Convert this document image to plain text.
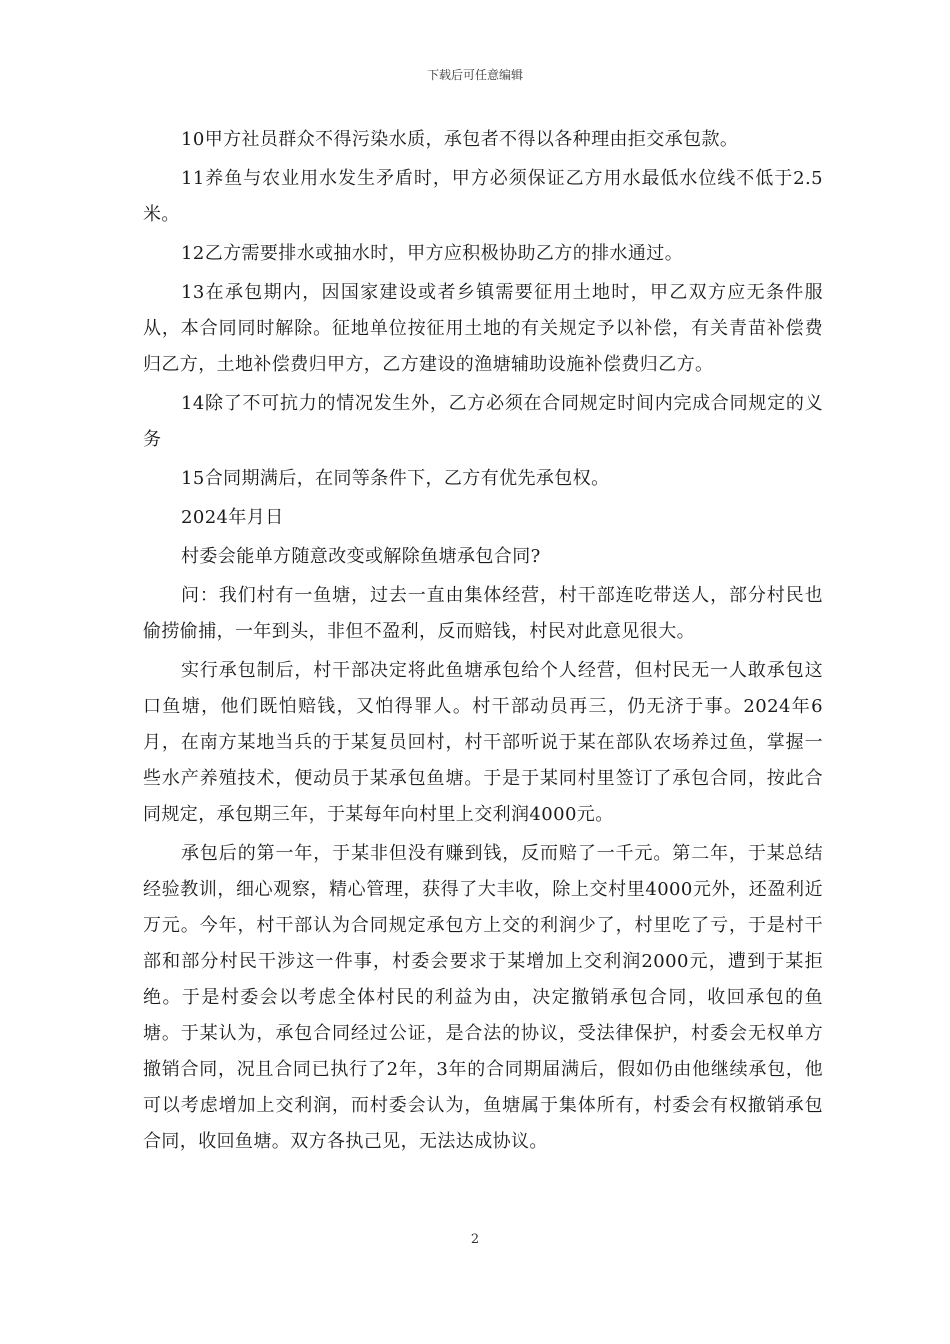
下载后可任意编辑

10甲方社员群众不得污染水质，承包者不得以各种理由拒交承包款。

11养鱼与农业用水发生矛盾时，甲方必须保证乙方用水最低水位线不低于2.5米。

12乙方需要排水或抽水时，甲方应积极协助乙方的排水通过。

13在承包期内，因国家建设或者乡镇需要征用土地时，甲乙双方应无条件服从，本合同同时解除。征地单位按征用土地的有关规定予以补偿，有关青苗补偿费归乙方，土地补偿费归甲方，乙方建设的渔塘辅助设施补偿费归乙方。

14除了不可抗力的情况发生外，乙方必须在合同规定时间内完成合同规定的义务

15合同期满后，在同等条件下，乙方有优先承包权。

2024年月日

村委会能单方随意改变或解除鱼塘承包合同?

问：我们村有一鱼塘，过去一直由集体经营，村干部连吃带送人，部分村民也偷捞偷捕，一年到头，非但不盈利，反而赔钱，村民对此意见很大。

实行承包制后，村干部决定将此鱼塘承包给个人经营，但村民无一人敢承包这口鱼塘，他们既怕赔钱，又怕得罪人。村干部动员再三，仍无济于事。2024年6月，在南方某地当兵的于某复员回村，村干部听说于某在部队农场养过鱼，掌握一些水产养殖技术，便动员于某承包鱼塘。于是于某同村里签订了承包合同，按此合同规定，承包期三年，于某每年向村里上交利润4000元。

承包后的第一年，于某非但没有赚到钱，反而赔了一千元。第二年，于某总结经验教训，细心观察，精心管理，获得了大丰收，除上交村里4000元外，还盈利近万元。今年，村干部认为合同规定承包方上交的利润少了，村里吃了亏，于是村干部和部分村民干涉这一件事，村委会要求于某增加上交利润2000元，遭到于某拒绝。于是村委会以考虑全体村民的利益为由，决定撤销承包合同，收回承包的鱼塘。于某认为，承包合同经过公证，是合法的协议，受法律保护，村委会无权单方撤销合同，况且合同已执行了2年，3年的合同期届满后，假如仍由他继续承包，他可以考虑增加上交利润，而村委会认为，鱼塘属于集体所有，村委会有权撤销承包合同，收回鱼塘。双方各执己见，无法达成协议。

2
